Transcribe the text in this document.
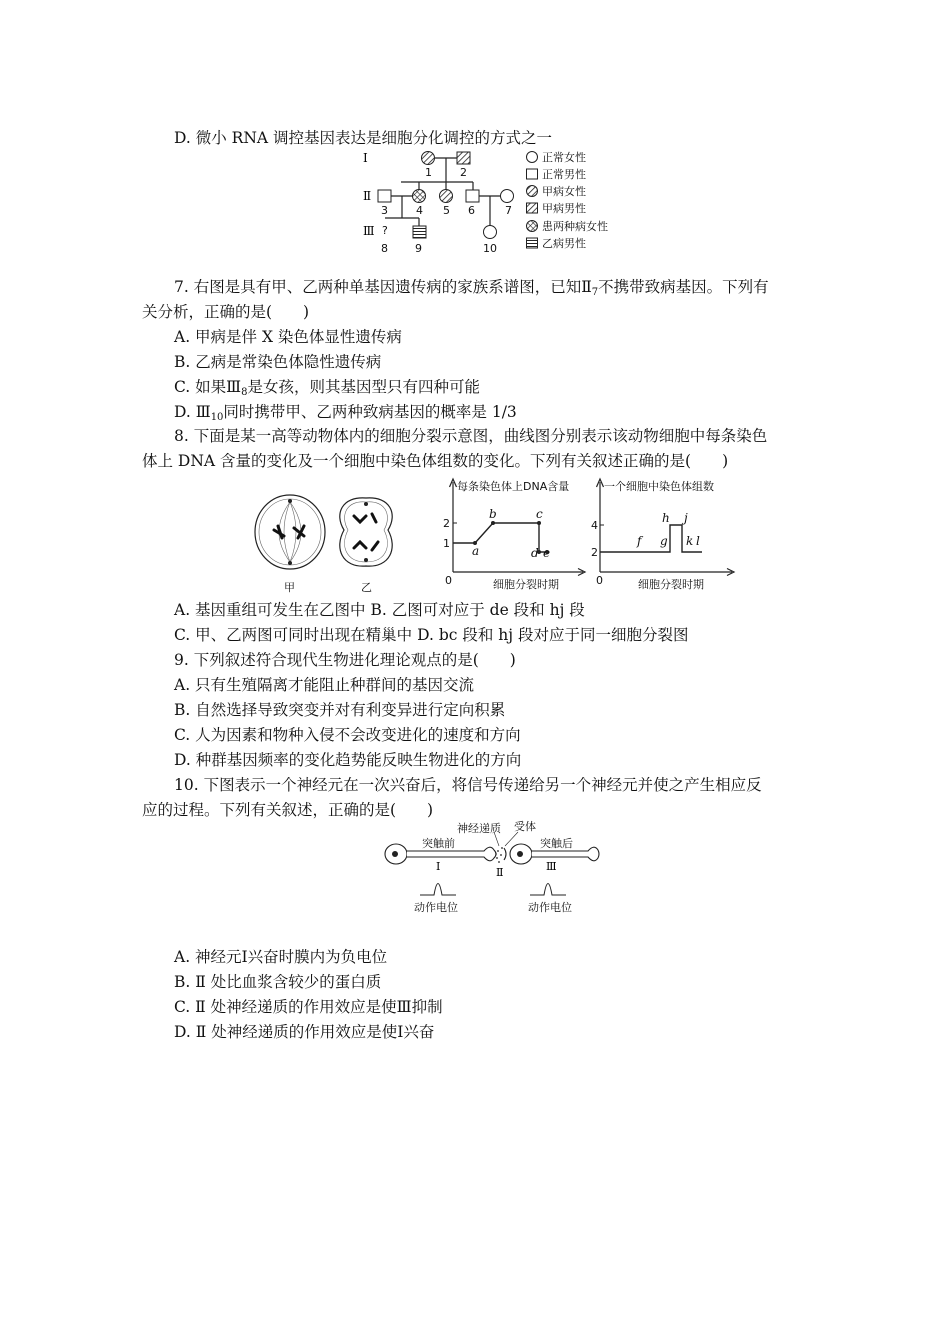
D. 微小 RNA 调控基因表达是细胞分化调控的方式之一
Ⅰ
Ⅱ
Ⅲ
1	2
3	4 5 6	7
?
8 9	10
正常女性
正常男性
甲病女性
甲病男性
患两种病女性
乙病男性
7. 右图是具有甲、乙两种单基因遗传病的家族系谱图，已知$Ⅱ_7$不携带致病基因。下列有
关分析，正确的是(　　)
A. 甲病是伴 X 染色体显性遗传病
B. 乙病是常染色体隐性遗传病
C. 如果$Ⅲ_8$是女孩，则其基因型只有四种可能
D. $Ⅲ_{10}$同时携带甲、乙两种致病基因的概率是 1/3
8. 下面是某一高等动物体内的细胞分裂示意图，曲线图分别表示该动物细胞中每条染色
体上 DNA 含量的变化及一个细胞中染色体组数的变化。下列有关叙述正确的是(　　)
甲	乙
每条染色体上DNA含量
0	细胞分裂时期
1
2
a
b	c
d e
一个细胞中染色体组数
0	细胞分裂时期
2
4
f g
h j
k l
A. 基因重组可发生在乙图中 B. 乙图可对应于 de 段和 hj 段
C. 甲、乙两图可同时出现在精巢中 D. bc 段和 hj 段对应于同一细胞分裂图
9. 下列叙述符合现代生物进化理论观点的是(　　)
A. 只有生殖隔离才能阻止种群间的基因交流
B. 自然选择导致突变并对有利变异进行定向积累
C. 人为因素和物种入侵不会改变进化的速度和方向
D. 种群基因频率的变化趋势能反映生物进化的方向
10. 下图表示一个神经元在一次兴奋后，将信号传递给另一个神经元并使之产生相应反
应的过程。下列有关叙述，正确的是(　　)
神经递质 受体
突触前	突触后
Ⅰ	Ⅱ	Ⅲ
动作电位	动作电位
A. 神经元Ⅰ兴奋时膜内为负电位
B. Ⅱ 处比血浆含较少的蛋白质
C. Ⅱ 处神经递质的作用效应是使Ⅲ抑制
D. Ⅱ 处神经递质的作用效应是使Ⅰ兴奋
